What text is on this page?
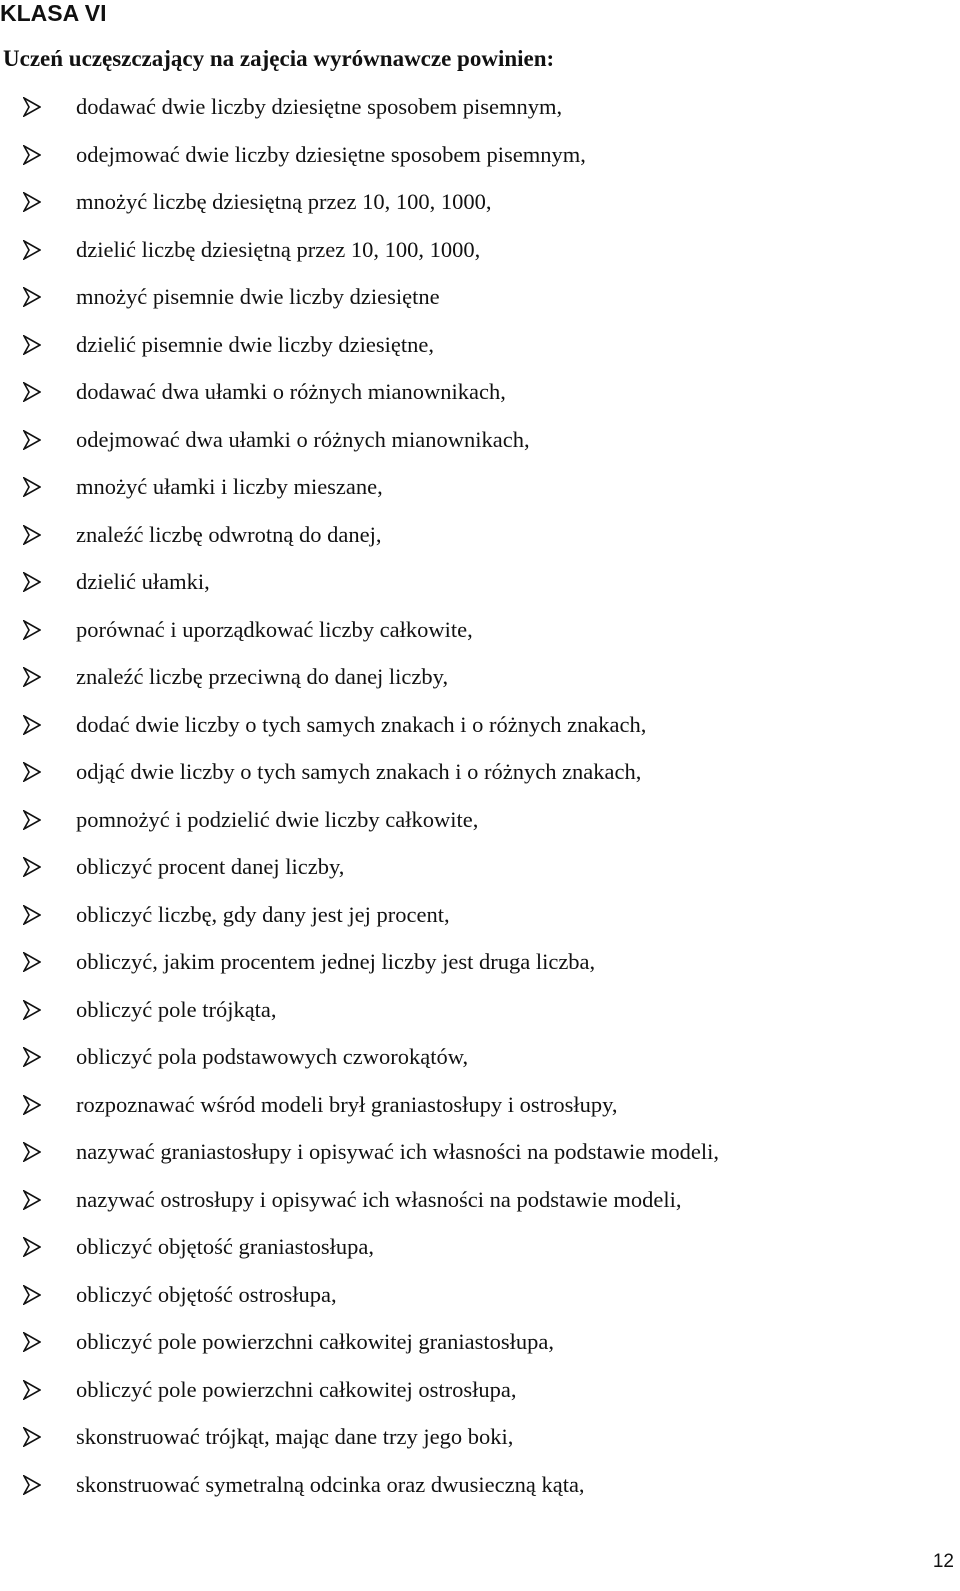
KLASA VI

Uczeń uczęszczający na zajęcia wyrównawcze powinien:

dodawać dwie liczby dziesiętne sposobem pisemnym,
odejmować dwie liczby dziesiętne sposobem pisemnym,
mnożyć liczbę dziesiętną przez 10, 100, 1000,
dzielić liczbę dziesiętną przez 10, 100, 1000,
mnożyć pisemnie dwie liczby dziesiętne
dzielić pisemnie dwie liczby dziesiętne,
dodawać dwa ułamki o różnych mianownikach,
odejmować dwa ułamki o różnych mianownikach,
mnożyć ułamki i liczby mieszane,
znaleźć liczbę odwrotną do danej,
dzielić ułamki,
porównać i uporządkować liczby całkowite,
znaleźć liczbę przeciwną do danej liczby,
dodać dwie liczby o tych samych znakach i o różnych znakach,
odjąć dwie liczby o tych samych znakach i o różnych znakach,
pomnożyć i podzielić dwie liczby całkowite,
obliczyć procent danej liczby,
obliczyć liczbę, gdy dany jest jej procent,
obliczyć, jakim procentem jednej liczby jest druga liczba,
obliczyć pole trójkąta,
obliczyć pola podstawowych czworokątów,
rozpoznawać wśród modeli brył graniastosłupy i ostrosłupy,
nazywać graniastosłupy i opisywać ich własności na podstawie modeli,
nazywać ostrosłupy i opisywać ich własności na podstawie modeli,
obliczyć objętość graniastosłupa,
obliczyć objętość ostrosłupa,
obliczyć pole powierzchni całkowitej graniastosłupa,
obliczyć pole powierzchni całkowitej ostrosłupa,
skonstruować trójkąt, mając dane trzy jego boki,
skonstruować symetralną odcinka oraz dwusieczną kąta,
12
